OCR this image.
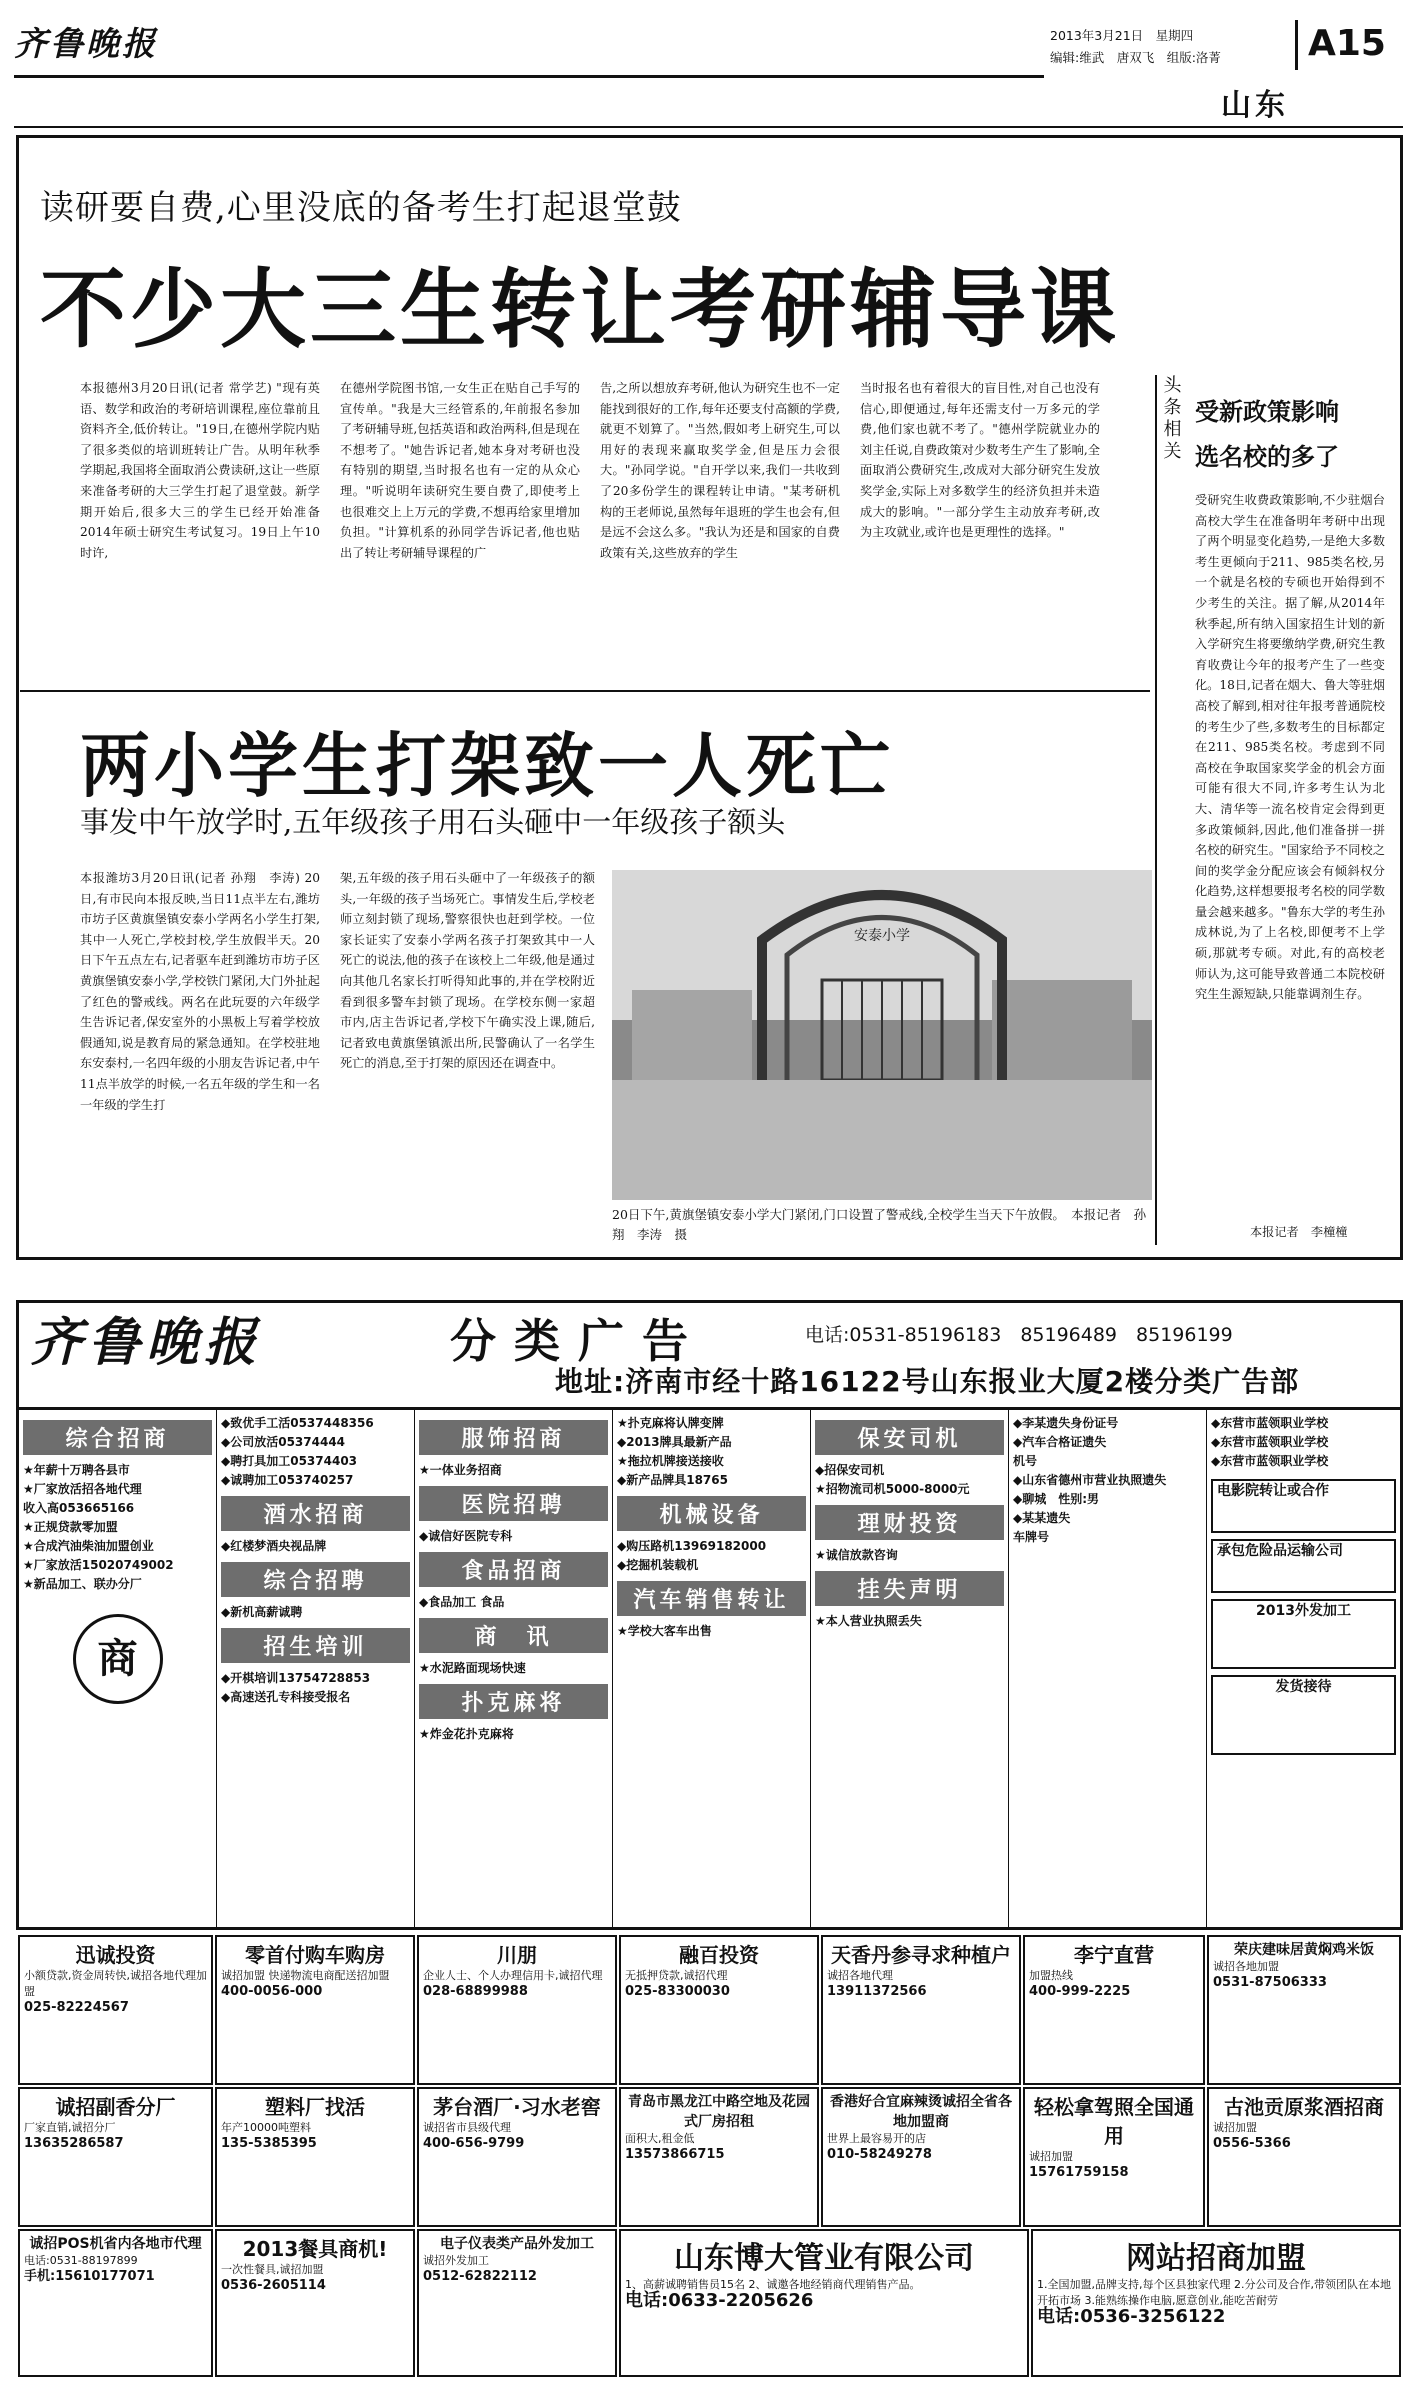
齐鲁晚报	2013年3月21日　星期四
编辑:维武　唐双飞　组版:洛菁	A15
山东
读研要自费,心里没底的备考生打起退堂鼓
不少大三生转让考研辅导课

本报德州3月20日讯(记者 常学艺) "现有英语、数学和政治的考研培训课程,座位靠前且资料齐全,低价转让。"19日,在德州学院内贴了很多类似的培训班转让广告。从明年秋季学期起,我国将全面取消公费读研,这让一些原来准备考研的大三学生打起了退堂鼓。新学期开始后,很多大三的学生已经开始准备2014年硕士研究生考试复习。19日上午10时许,

在德州学院图书馆,一女生正在贴自己手写的宣传单。"我是大三经管系的,年前报名参加了考研辅导班,包括英语和政治两科,但是现在不想考了。"她告诉记者,她本身对考研也没有特别的期望,当时报名也有一定的从众心理。"听说明年读研究生要自费了,即使考上也很难交上上万元的学费,不想再给家里增加负担。"计算机系的孙同学告诉记者,他也贴出了转让考研辅导课程的广

告,之所以想放弃考研,他认为研究生也不一定能找到很好的工作,每年还要支付高额的学费,就更不划算了。"当然,假如考上研究生,可以用好的表现来赢取奖学金,但是压力会很大。"孙同学说。"自开学以来,我们一共收到了20多份学生的课程转让申请。"某考研机构的王老师说,虽然每年退班的学生也会有,但是远不会这么多。"我认为还是和国家的自费政策有关,这些放弃的学生

当时报名也有着很大的盲目性,对自己也没有信心,即便通过,每年还需支付一万多元的学费,他们家也就不考了。"德州学院就业办的刘主任说,自费政策对少数考生产生了影响,全面取消公费研究生,改成对大部分研究生发放奖学金,实际上对多数学生的经济负担并未造成大的影响。"一部分学生主动放弃考研,改为主攻就业,或许也是更理性的选择。"

头条相关
受新政策影响
选名校的多了

受研究生收费政策影响,不少驻烟台高校大学生在准备明年考研中出现了两个明显变化趋势,一是绝大多数考生更倾向于211、985类名校,另一个就是名校的专硕也开始得到不少考生的关注。据了解,从2014年秋季起,所有纳入国家招生计划的新入学研究生将要缴纳学费,研究生教育收费让今年的报考产生了一些变化。18日,记者在烟大、鲁大等驻烟高校了解到,相对往年报考普通院校的考生少了些,多数考生的目标都定在211、985类名校。考虑到不同高校在争取国家奖学金的机会方面可能有很大不同,许多考生认为北大、清华等一流名校肯定会得到更多政策倾斜,因此,他们准备拼一拼名校的研究生。"国家给予不同校之间的奖学金分配应该会有倾斜权分化趋势,这样想要报考名校的同学数量会越来越多。"鲁东大学的考生孙成林说,为了上名校,即便考不上学硕,那就考专硕。对此,有的高校老师认为,这可能导致普通二本院校研究生生源短缺,只能靠调剂生存。

本报记者　李橦橦
两小学生打架致一人死亡
事发中午放学时,五年级孩子用石头砸中一年级孩子额头

本报潍坊3月20日讯(记者 孙翔　李涛) 20日,有市民向本报反映,当日11点半左右,潍坊市坊子区黄旗堡镇安泰小学两名小学生打架,其中一人死亡,学校封校,学生放假半天。20日下午五点左右,记者驱车赶到潍坊市坊子区黄旗堡镇安泰小学,学校铁门紧闭,大门外扯起了红色的警戒线。两名在此玩耍的六年级学生告诉记者,保安室外的小黑板上写着学校放假通知,说是教育局的紧急通知。在学校驻地东安泰村,一名四年级的小朋友告诉记者,中午11点半放学的时候,一名五年级的学生和一名一年级的学生打

架,五年级的孩子用石头砸中了一年级孩子的额头,一年级的孩子当场死亡。事情发生后,学校老师立刻封锁了现场,警察很快也赶到学校。一位家长证实了安泰小学两名孩子打架致其中一人死亡的说法,他的孩子在该校上二年级,他是通过向其他几名家长打听得知此事的,并在学校附近看到很多警车封锁了现场。在学校东侧一家超市内,店主告诉记者,学校下午确实没上课,随后,记者致电黄旗堡镇派出所,民警确认了一名学生死亡的消息,至于打架的原因还在调查中。

安泰小学
20日下午,黄旗堡镇安泰小学大门紧闭,门口设置了警戒线,全校学生当天下午放假。　 本报记者　孙翔　李涛　摄
齐鲁晚报	分类广告	电话:0531-85196183　85196489　85196199
地址:济南市经十路16122号山东报业大厦2楼分类广告部
综合招商
★年薪十万聘各县市
★厂家放活招各地代理
收入高053665166
★正规贷款零加盟
★合成汽油柴油加盟创业
★厂家放活15020749002
★新品加工、联办分厂
商
◆致优手工活0537448356
◆公司放活05374444
◆聘打具加工05374403
◆诚聘加工053740257
酒水招商
◆红楼梦酒央视品牌
综合招聘
◆新机高薪诚聘
招生培训
◆开棋培训13754728853
◆高速送孔专科接受报名
服饰招商
★一体业务招商
医院招聘
◆诚信好医院专科
食品招商
◆食品加工 食品
商　讯
★水泥路面现场快速
扑克麻将
★炸金花扑克麻将
★扑克麻将认牌变牌
◆2013牌具最新产品
★拖拉机牌接送接收
◆新产品牌具18765
机械设备
◆购压路机13969182000
◆挖掘机装载机
汽车销售转让
★学校大客车出售
保安司机
◆招保安司机
★招物流司机5000-8000元
理财投资
★诚信放款咨询
挂失声明
★本人营业执照丢失
◆李某遗失身份证号
◆汽车合格证遗失
机号
◆山东省德州市营业执照遗失
◆聊城　性别:男
◆某某遗失
车牌号
◆东营市蓝领职业学校
◆东营市蓝领职业学校
◆东营市蓝领职业学校
电影院转让或合作
承包危险品运输公司
2013外发加工
发货接待
迅诚投资
小额贷款,资金周转快,诚招各地代理加盟
025-82224567
零首付购车购房
诚招加盟 快递物流电商配送招加盟
400-0056-000
川朋
企业人士、个人办理信用卡,诚招代理
028-68899988
融百投资
无抵押贷款,诚招代理
025-83300030
天香丹参寻求种植户
诚招各地代理
13911372566
李宁直营
加盟热线
400-999-2225
荣庆建味居黄焖鸡米饭
诚招各地加盟
0531-87506333
诚招副香分厂
厂家直销,诚招分厂
13635286587
塑料厂找活
年产10000吨塑料
135-5385395
茅台酒厂·习水老窖
诚招省市县级代理
400-656-9799
青岛市黑龙江中路空地及花园式厂房招租
面积大,租金低
13573866715
香港好合宜麻辣烫诚招全省各地加盟商
世界上最容易开的店
010-58249278
轻松拿驾照全国通用
诚招加盟
15761759158
古池贡原浆酒招商
诚招加盟
0556-5366
诚招POS机省内各地市代理
电话:0531-88197899
手机:15610177071
2013餐具商机!
一次性餐具,诚招加盟
0536-2605114
电子仪表类产品外发加工
诚招外发加工
0512-62822112
山东博大管业有限公司
1、高薪诚聘销售员15名 2、诚邀各地经销商代理销售产品。
电话:0633-2205626
网站招商加盟
1.全国加盟,品牌支持,每个区县独家代理 2.分公司及合作,带领团队在本地开拓市场 3.能熟练操作电脑,愿意创业,能吃苦耐劳
电话:0536-3256122
